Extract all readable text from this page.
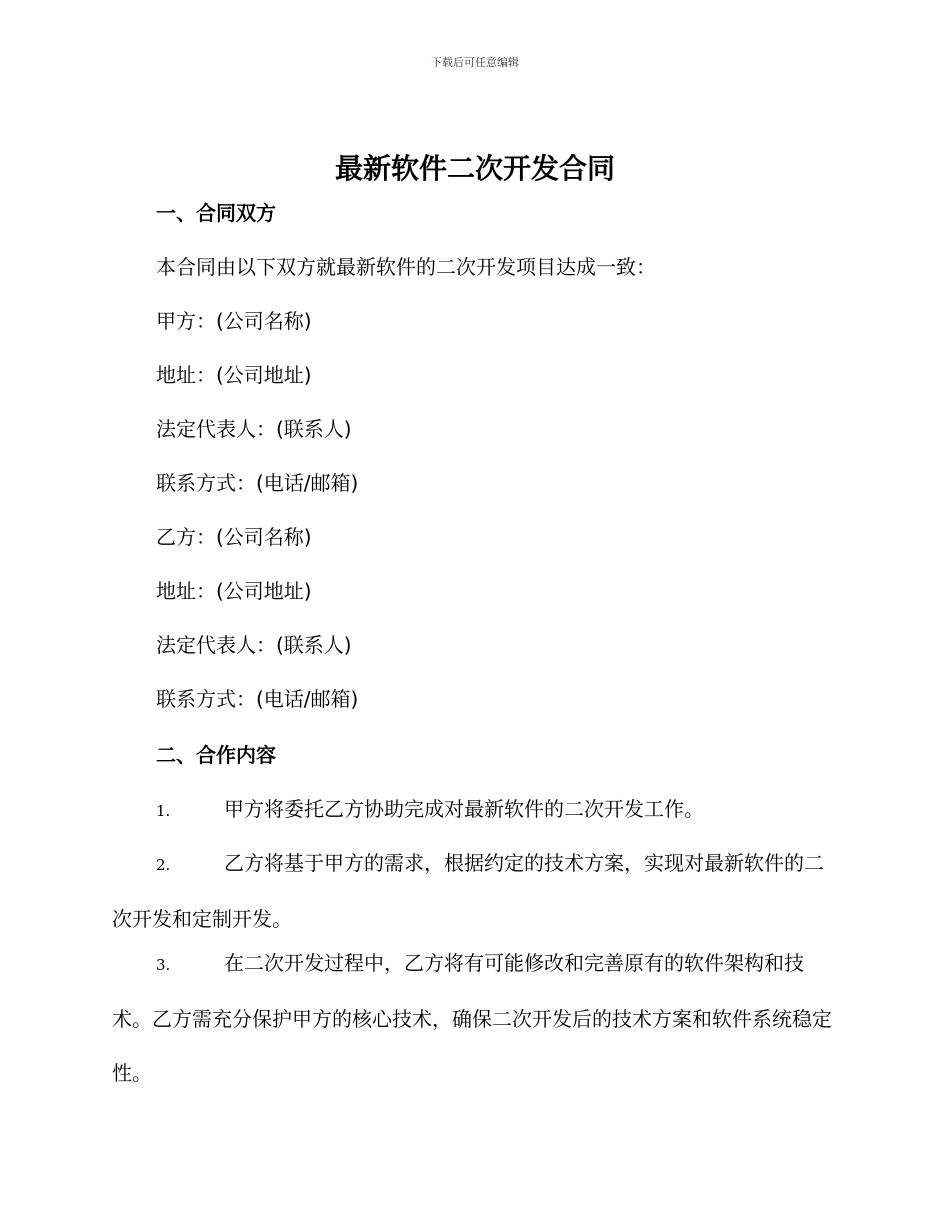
下载后可任意编辑
最新软件二次开发合同
一、合同双方

本合同由以下双方就最新软件的二次开发项目达成一致：

甲方：(公司名称)

地址：(公司地址)

法定代表人：(联系人)

联系方式：(电话/邮箱)

乙方：(公司名称)

地址：(公司地址)

法定代表人：(联系人)

联系方式：(电话/邮箱)

二、合作内容

1.	甲方将委托乙方协助完成对最新软件的二次开发工作。

2.	乙方将基于甲方的需求，根据约定的技术方案，实现对最新软件的二次开发和定制开发。

3.	在二次开发过程中，乙方将有可能修改和完善原有的软件架构和技术。乙方需充分保护甲方的核心技术，确保二次开发后的技术方案和软件系统稳定性。
